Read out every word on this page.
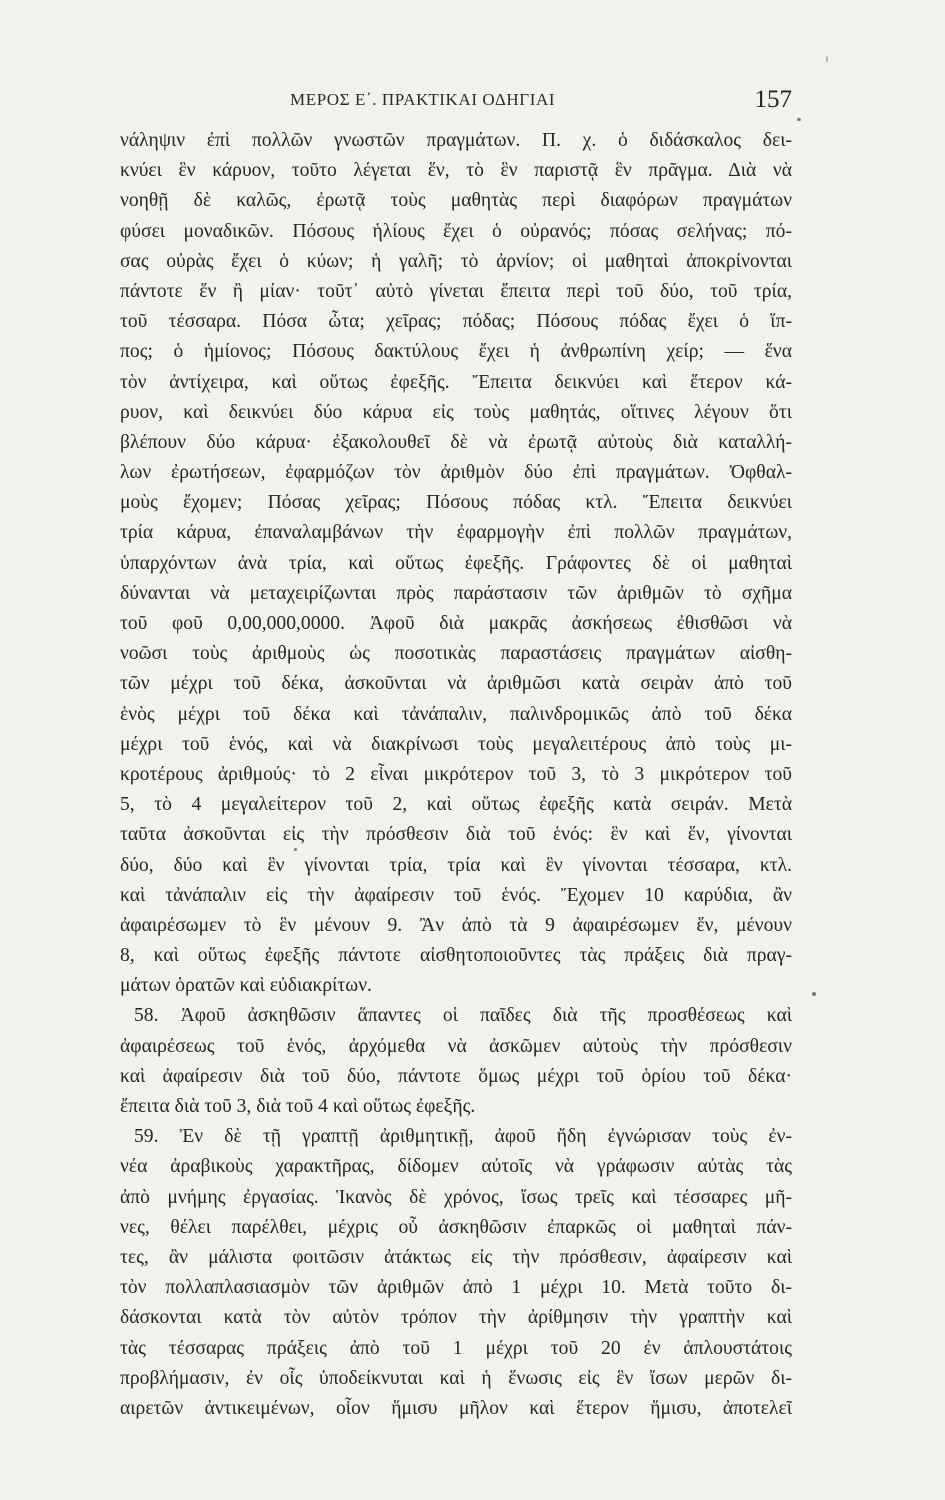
ΜΕΡΟΣ Ε΄. ΠΡΑΚΤΙΚΑΙ ΟΔΗΓΙΑΙ	157
νάληψιν ἐπὶ πολλῶν γνωστῶν πραγμάτων. Π. χ. ὁ διδάσκαλος δει-
κνύει ἓν κάρυον, τοῦτο λέγεται ἕν, τὸ ἓν παριστᾷ ἓν πρᾶγμα. Διὰ νὰ
νοηθῇ δὲ καλῶς, ἐρωτᾷ τοὺς μαθητὰς περὶ διαφόρων πραγμάτων
φύσει μοναδικῶν. Πόσους ἡλίους ἔχει ὁ οὐρανός; πόσας σελήνας; πό-
σας οὐρὰς ἔχει ὁ κύων; ἡ γαλῆ; τὸ ἀρνίον; οἱ μαθηταὶ ἀποκρίνονται
πάντοτε ἕν ἢ μίαν· τοῦτ᾽ αὐτὸ γίνεται ἔπειτα περὶ τοῦ δύο, τοῦ τρία,
τοῦ τέσσαρα. Πόσα ὦτα; χεῖρας; πόδας; Πόσους πόδας ἔχει ὁ ἵπ-
πος; ὁ ἡμίονος; Πόσους δακτύλους ἔχει ἡ ἀνθρωπίνη χείρ; — ἕνα
τὸν ἀντίχειρα, καὶ οὕτως ἐφεξῆς. Ἔπειτα δεικνύει καὶ ἕτερον κά-
ρυον, καὶ δεικνύει δύο κάρυα εἰς τοὺς μαθητάς, οἵτινες λέγουν ὅτι
βλέπουν δύο κάρυα· ἐξακολουθεῖ δὲ νὰ ἐρωτᾷ αὐτοὺς διὰ καταλλή-
λων ἐρωτήσεων, ἐφαρμόζων τὸν ἀριθμὸν δύο ἐπὶ πραγμάτων. Ὀφθαλ-
μοὺς ἔχομεν; Πόσας χεῖρας; Πόσους πόδας κτλ. Ἔπειτα δεικνύει
τρία κάρυα, ἐπαναλαμβάνων τὴν ἐφαρμογὴν ἐπὶ πολλῶν πραγμάτων,
ὑπαρχόντων ἀνὰ τρία, καὶ οὕτως ἐφεξῆς. Γράφοντες δὲ οἱ μαθηταὶ
δύνανται νὰ μεταχειρίζωνται πρὸς παράστασιν τῶν ἀριθμῶν τὸ σχῆμα
τοῦ φοῦ 0,00,000,0000. Ἀφοῦ διὰ μακρᾶς ἀσκήσεως ἐθισθῶσι νὰ
νοῶσι τοὺς ἀριθμοὺς ὡς ποσοτικὰς παραστάσεις πραγμάτων αἰσθη-
τῶν μέχρι τοῦ δέκα, ἀσκοῦνται νὰ ἀριθμῶσι κατὰ σειρὰν ἀπὸ τοῦ
ἑνὸς μέχρι τοῦ δέκα καὶ τἀνάπαλιν, παλινδρομικῶς ἀπὸ τοῦ δέκα
μέχρι τοῦ ἑνός, καὶ νὰ διακρίνωσι τοὺς μεγαλειτέρους ἀπὸ τοὺς μι-
κροτέρους ἀριθμούς· τὸ 2 εἶναι μικρότερον τοῦ 3, τὸ 3 μικρότερον τοῦ
5, τὸ 4 μεγαλείτερον τοῦ 2, καὶ οὕτως ἐφεξῆς κατὰ σειράν. Μετὰ
ταῦτα ἀσκοῦνται εἰς τὴν πρόσθεσιν διὰ τοῦ ἑνός: ἓν καὶ ἕν, γίνονται
δύο, δύο καὶ ἓν γίνονται τρία, τρία καὶ ἓν γίνονται τέσσαρα, κτλ.
καὶ τἀνάπαλιν εἰς τὴν ἀφαίρεσιν τοῦ ἑνός. Ἔχομεν 10 καρύδια, ἂν
ἀφαιρέσωμεν τὸ ἓν μένουν 9. Ἂν ἀπὸ τὰ 9 ἀφαιρέσωμεν ἕν, μένουν
8, καὶ οὕτως ἐφεξῆς πάντοτε αἰσθητοποιοῦντες τὰς πράξεις διὰ πραγ-
μάτων ὁρατῶν καὶ εὐδιακρίτων.
58. Ἀφοῦ ἀσκηθῶσιν ἅπαντες οἱ παῖδες διὰ τῆς προσθέσεως καὶ
ἀφαιρέσεως τοῦ ἑνός, ἀρχόμεθα νὰ ἀσκῶμεν αὐτοὺς τὴν πρόσθεσιν
καὶ ἀφαίρεσιν διὰ τοῦ δύο, πάντοτε ὅμως μέχρι τοῦ ὁρίου τοῦ δέκα·
ἔπειτα διὰ τοῦ 3, διὰ τοῦ 4 καὶ οὕτως ἐφεξῆς.
59. Ἐν δὲ τῇ γραπτῇ ἀριθμητικῇ, ἀφοῦ ἤδη ἐγνώρισαν τοὺς ἐν-
νέα ἀραβικοὺς χαρακτῆρας, δίδομεν αὐτοῖς νὰ γράφωσιν αὐτὰς τὰς
ἀπὸ μνήμης ἐργασίας. Ἱκανὸς δὲ χρόνος, ἴσως τρεῖς καὶ τέσσαρες μῆ-
νες, θέλει παρέλθει, μέχρις οὗ ἀσκηθῶσιν ἐπαρκῶς οἱ μαθηταὶ πάν-
τες, ἂν μάλιστα φοιτῶσιν ἀτάκτως εἰς τὴν πρόσθεσιν, ἀφαίρεσιν καὶ
τὸν πολλαπλασιασμὸν τῶν ἀριθμῶν ἀπὸ 1 μέχρι 10. Μετὰ τοῦτο δι-
δάσκονται κατὰ τὸν αὐτὸν τρόπον τὴν ἀρίθμησιν τὴν γραπτὴν καὶ
τὰς τέσσαρας πράξεις ἀπὸ τοῦ 1 μέχρι τοῦ 20 ἐν ἁπλουστάτοις
προβλήμασιν, ἐν οἷς ὑποδείκνυται καὶ ἡ ἕνωσις εἰς ἓν ἴσων μερῶν δι-
αιρετῶν ἀντικειμένων, οἷον ἥμισυ μῆλον καὶ ἕτερον ἥμισυ, ἀποτελεῖ
